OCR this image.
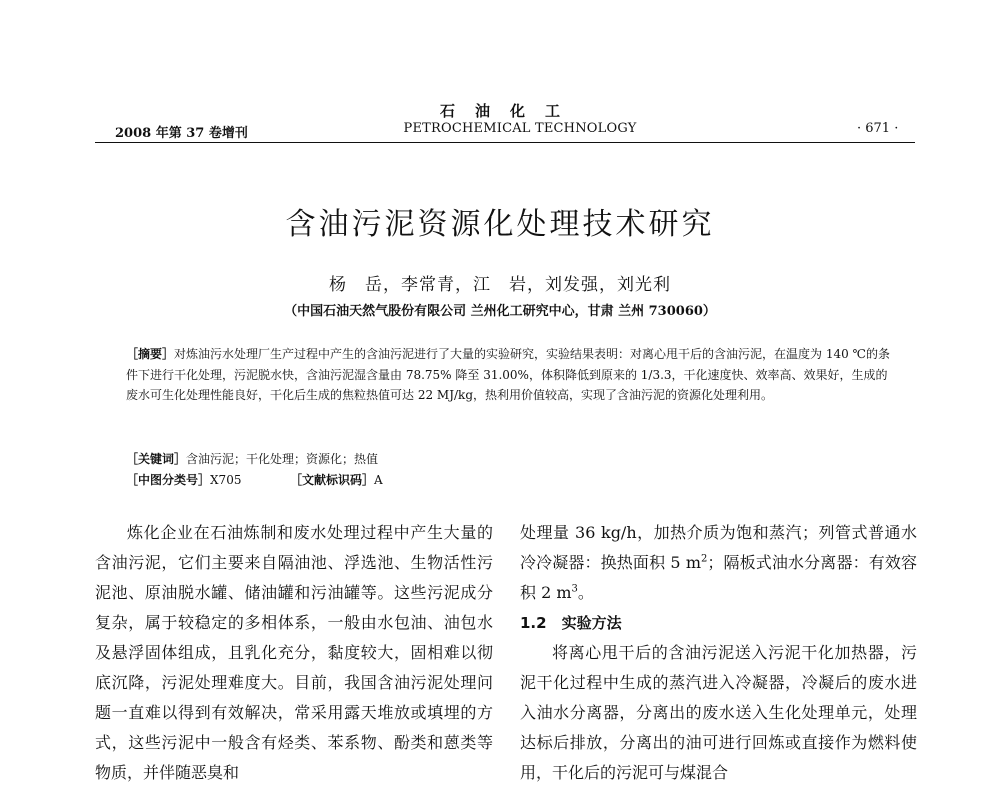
石油化工
2008 年第 37 卷增刊	PETROCHEMICAL TECHNOLOGY	· 671 ·
含油污泥资源化处理技术研究
杨　岳，李常青，江　岩，刘发强，刘光利
（中国石油天然气股份有限公司 兰州化工研究中心，甘肃 兰州 730060）
［摘要］对炼油污水处理厂生产过程中产生的含油污泥进行了大量的实验研究，实验结果表明：对离心甩干后的含油污泥，在温度为 140 ℃的条件下进行干化处理，污泥脱水快，含油污泥湿含量由 78.75% 降至 31.00%，体积降低到原来的 1/3.3，干化速度快、效率高、效果好，生成的废水可生化处理性能良好，干化后生成的焦粒热值可达 22 MJ/kg，热利用价值较高，实现了含油污泥的资源化处理利用。
［关键词］含油污泥；干化处理；资源化；热值
［中图分类号］X705	［文献标识码］A

炼化企业在石油炼制和废水处理过程中产生大量的含油污泥，它们主要来自隔油池、浮选池、生物活性污泥池、原油脱水罐、储油罐和污油罐等。这些污泥成分复杂，属于较稳定的多相体系，一般由水包油、油包水及悬浮固体组成，且乳化充分，黏度较大，固相难以彻底沉降，污泥处理难度大。目前，我国含油污泥处理问题一直难以得到有效解决，常采用露天堆放或填埋的方式，这些污泥中一般含有烃类、苯系物、酚类和蒽类等物质，并伴随恶臭和

处理量 36 kg/h，加热介质为饱和蒸汽；列管式普通水冷冷凝器：换热面积 5 $m^2$；隔板式油水分离器：有效容积 2 $m^3$。

1.2　实验方法

将离心甩干后的含油污泥送入污泥干化加热器，污泥干化过程中生成的蒸汽进入冷凝器，冷凝后的废水进入油水分离器，分离出的废水送入生化处理单元，处理达标后排放，分离出的油可进行回炼或直接作为燃料使用，干化后的污泥可与煤混合
